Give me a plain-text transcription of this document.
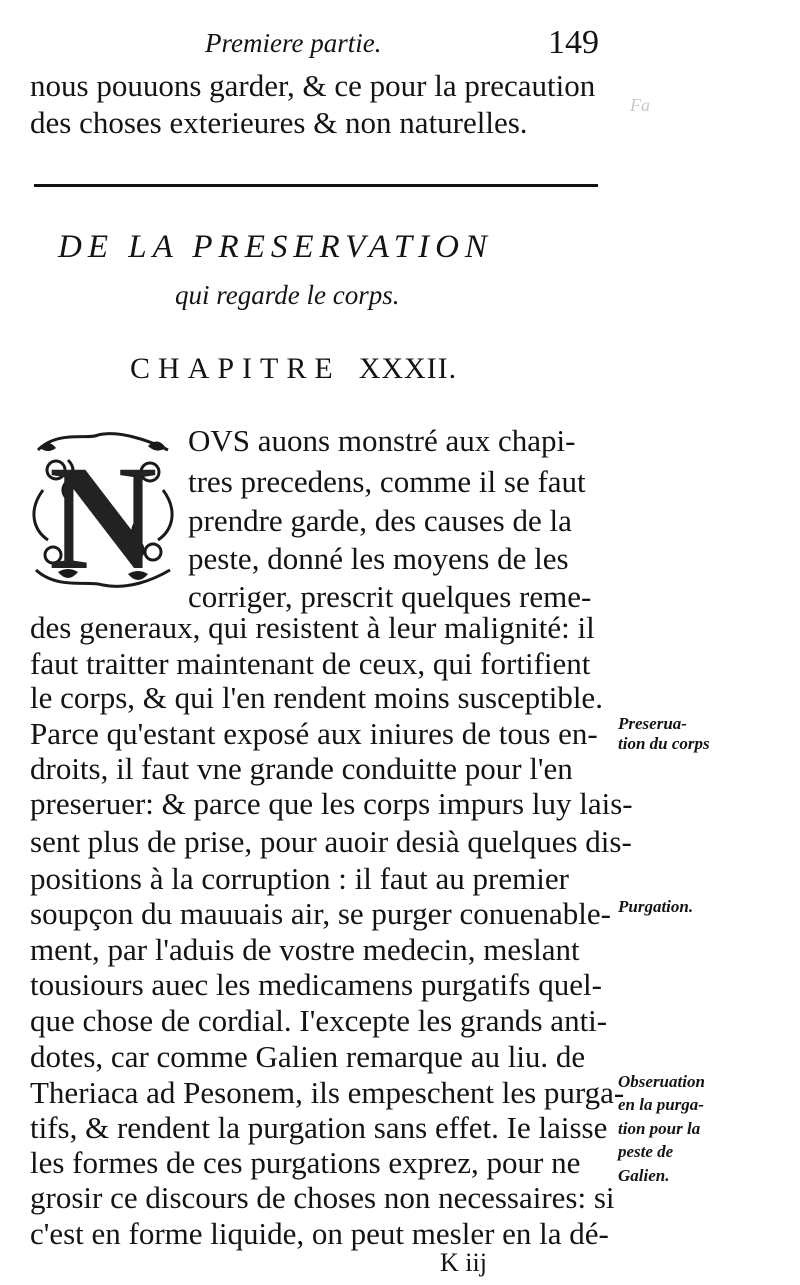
Fa
Premiere partie.	149
nous pouuons garder, & ce pour la precaution
des choses exterieures & non naturelles.
DE LA PRESERVATION
qui regarde le corps.
CHAPITRE XXXII.
N OVS auons monstré aux chapi-
tres precedens, comme il se faut
prendre garde, des causes de la
peste, donné les moyens de les
corriger, prescrit quelques reme-
des generaux, qui resistent à leur malignité: il
faut traitter maintenant de ceux, qui fortifient
le corps, & qui l'en rendent moins susceptible.
Parce qu'estant exposé aux iniures de tous en-
droits, il faut vne grande conduitte pour l'en
preseruer: & parce que les corps impurs luy lais-
sent plus de prise, pour auoir desià quelques dis-
positions à la corruption : il faut au premier
soupçon du mauuais air, se purger conuenable-
ment, par l'aduis de vostre medecin, meslant
tousiours auec les medicamens purgatifs quel-
que chose de cordial. I'excepte les grands anti-
dotes, car comme Galien remarque au liu. de
Theriaca ad Pesonem, ils empeschent les purga-
tifs, & rendent la purgation sans effet. Ie laisse
les formes de ces purgations exprez, pour ne
grosir ce discours de choses non necessaires: si
c'est en forme liquide, on peut mesler en la dé-
Preserua-
tion du corps
Purgation.
Obseruation
en la purga-
tion pour la
peste de
Galien.
K iij
